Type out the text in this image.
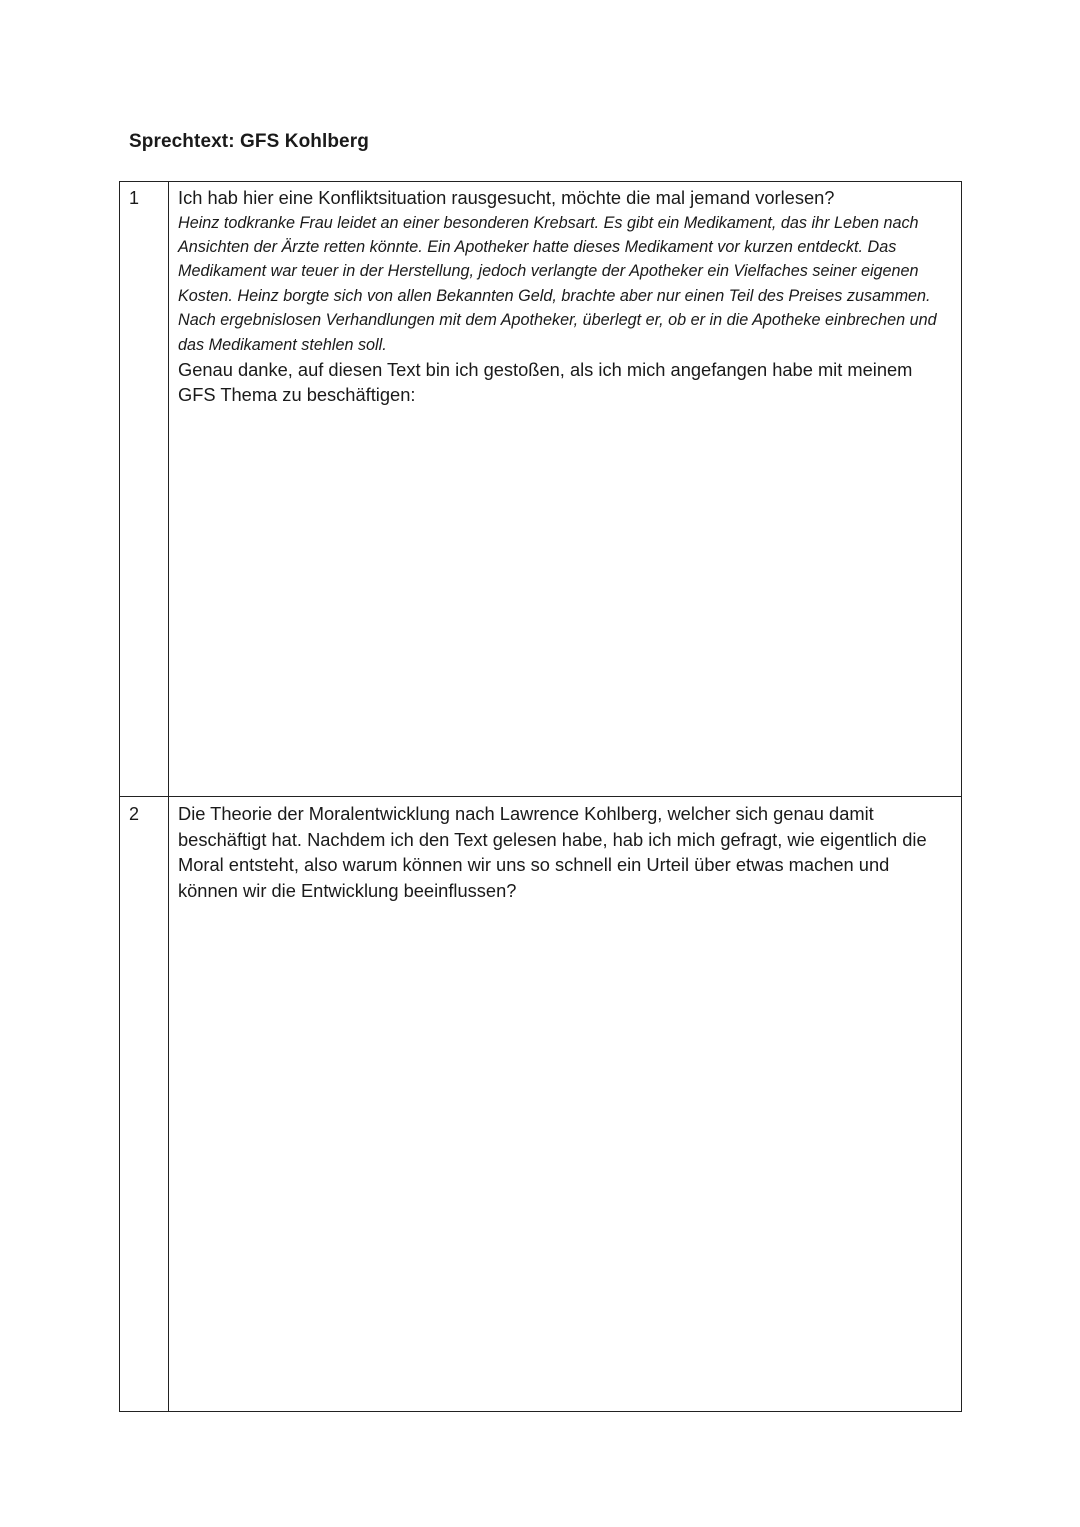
Sprechtext: GFS Kohlberg
1	Ich hab hier eine Konfliktsituation rausgesucht, möchte die mal jemand vorlesen?

Heinz todkranke Frau leidet an einer besonderen Krebsart. Es gibt ein Medikament, das ihr Leben nach Ansichten der Ärzte retten könnte. Ein Apotheker hatte dieses Medikament vor kurzen entdeckt. Das Medikament war teuer in der Herstellung, jedoch verlangte der Apotheker ein Vielfaches seiner eigenen Kosten. Heinz borgte sich von allen Bekannten Geld, brachte aber nur einen Teil des Preises zusammen. Nach ergebnislosen Verhandlungen mit dem Apotheker, überlegt er, ob er in die Apotheke einbrechen und das Medikament stehlen soll.

Genau danke, auf diesen Text bin ich gestoßen, als ich mich angefangen habe mit meinem GFS Thema zu beschäftigen:

2	Die Theorie der Moralentwicklung nach Lawrence Kohlberg, welcher sich genau damit beschäftigt hat. Nachdem ich den Text gelesen habe, hab ich mich gefragt, wie eigentlich die Moral entsteht, also warum können wir uns so schnell ein Urteil über etwas machen und können wir die Entwicklung beeinflussen?
